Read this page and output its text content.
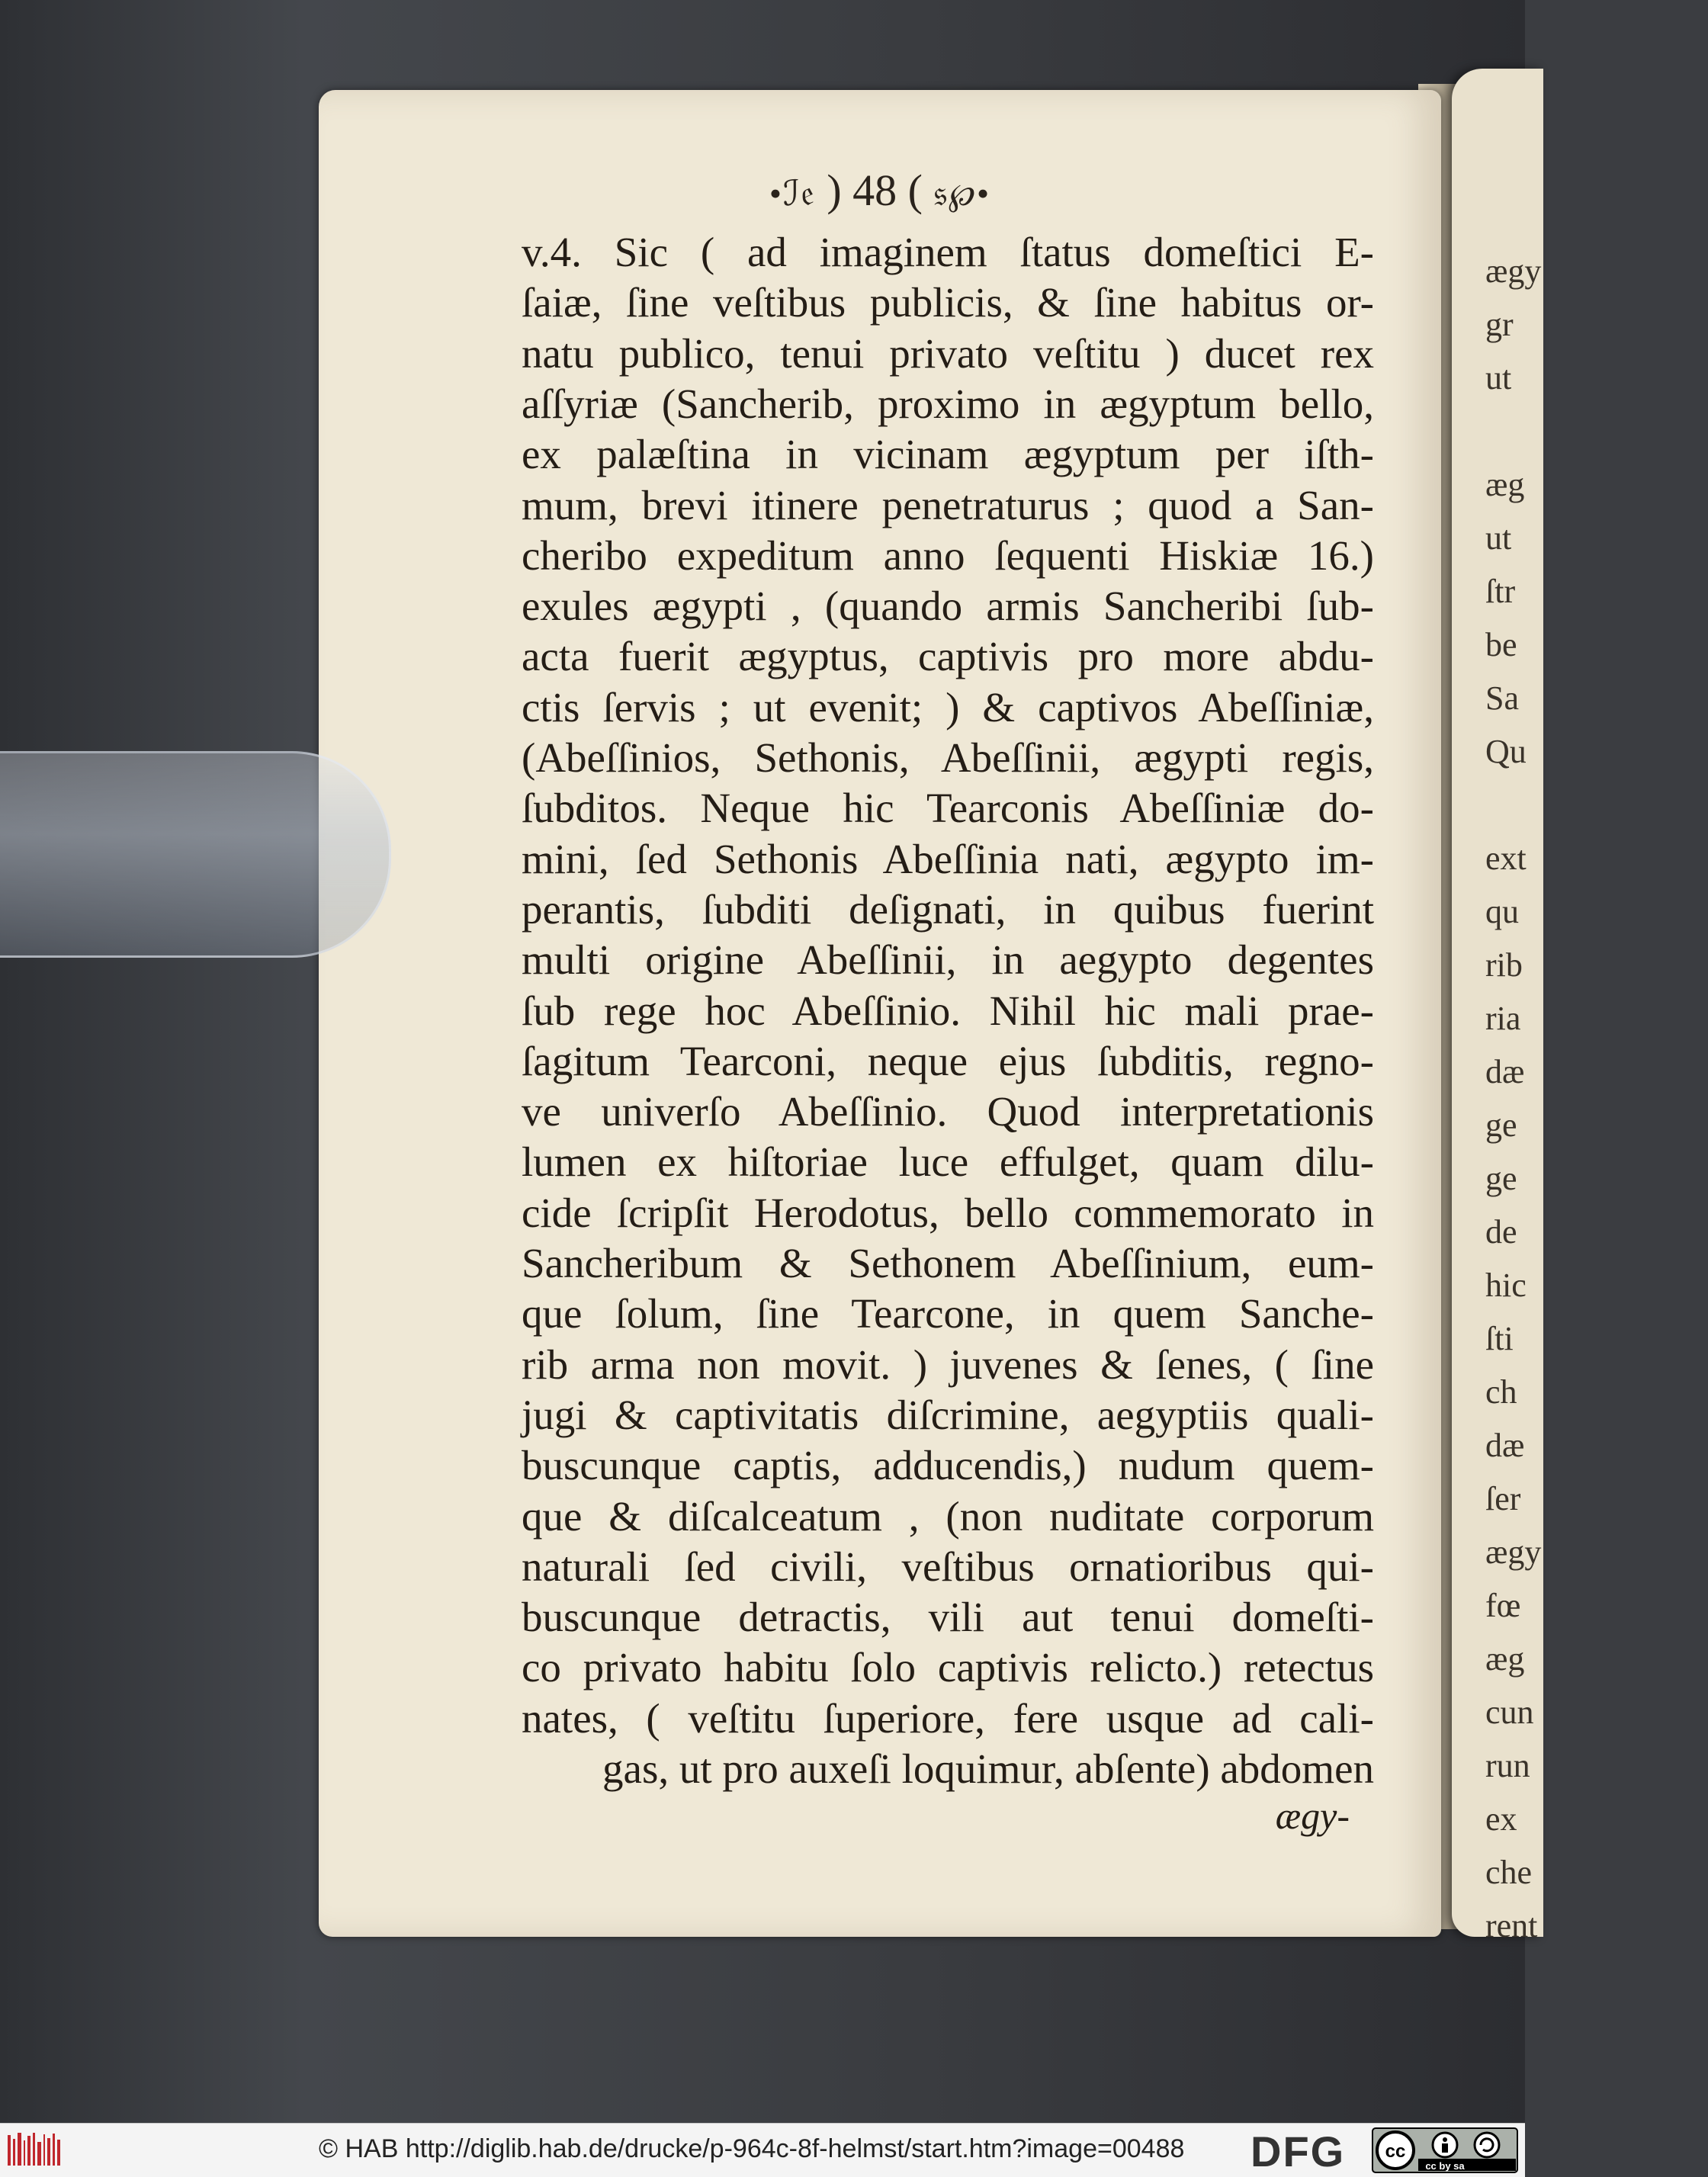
ægy
gr
ut
æg
ut
ſtr
be
Sa
Qu
ext
qu
rib
ria
dæ
ge
ge
de
hic
ſti
ch
dæ
ſer
ægy
fœ
æg
cun
run
ex
che
rent
•ℐ𝔢 ) 48 ( 𝔰℘•
v.4. Sic ( ad imaginem ſtatus domeſtici E-
ſaiæ, ſine veſtibus publicis, & ſine habitus or-
natu publico, tenui privato veſtitu ) ducet rex
aſſyriæ (Sancherib, proximo in ægyptum bello,
ex palæſtina in vicinam ægyptum per iſth-
mum, brevi itinere penetraturus ; quod a San-
cheribo expeditum anno ſequenti Hiskiæ 16.)
exules ægypti , (quando armis Sancheribi ſub-
acta fuerit ægyptus, captivis pro more abdu-
ctis ſervis ; ut evenit; ) & captivos Abeſſiniæ,
(Abeſſinios, Sethonis, Abeſſinii, ægypti regis,
ſubditos. Neque hic Tearconis Abeſſiniæ do-
mini, ſed Sethonis Abeſſinia nati, ægypto im-
perantis, ſubditi deſignati, in quibus fuerint
multi origine Abeſſinii, in aegypto degentes
ſub rege hoc Abeſſinio. Nihil hic mali prae-
ſagitum Tearconi, neque ejus ſubditis, regno-
ve univerſo Abeſſinio. Quod interpretationis
lumen ex hiſtoriae luce effulget, quam dilu-
cide ſcripſit Herodotus, bello commemorato in
Sancheribum & Sethonem Abeſſinium, eum-
que ſolum, ſine Tearcone, in quem Sanche-
rib arma non movit. ) juvenes & ſenes, ( ſine
jugi & captivitatis diſcrimine, aegyptiis quali-
buscunque captis, adducendis,) nudum quem-
que & diſcalceatum , (non nuditate corporum
naturali ſed civili, veſtibus ornatioribus qui-
buscunque detractis, vili aut tenui domeſti-
co privato habitu ſolo captivis relicto.) retectus
nates, ( veſtitu ſuperiore, fere usque ad cali-
gas, ut pro auxeſi loquimur, abſente) abdomen
ægy-
© HAB http://diglib.hab.de/drucke/p-964c-8f-helmst/start.htm?image=00488 DFG cc
cc by sa
